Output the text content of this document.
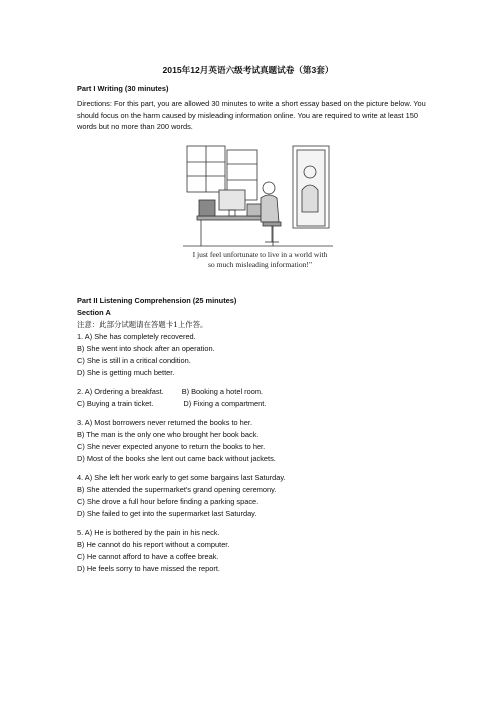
2015年12月英语六级考试真题试卷（第3套）
Part I Writing (30 minutes)
Directions: For this part, you are allowed 30 minutes to write a short essay based on the picture below. You should focus on the harm caused by misleading information online. You are required to write at least 150 words but no more than 200 words.
I just feel unfortunate to live in a world with
so much misleading information!"
Part II Listening Comprehension (25 minutes)
Section A
注意：此部分试题请在答题卡1上作答。
1. A) She has completely recovered.
B) She went into shock after an operation.
C) She is still in a critical condition.
D) She is getting much better.
2. A) Ordering a breakfast. B) Booking a hotel room.
C) Buying a train ticket.	D) Fixing a compartment.
3. A) Most borrowers never returned the books to her.
B) The man is the only one who brought her book back.
C) She never expected anyone to return the books to her.
D) Most of the books she lent out came back without jackets.
4. A) She left her work early to get some bargains last Saturday.
B) She attended the supermarket's grand opening ceremony.
C) She drove a full hour before finding a parking space.
D) She failed to get into the supermarket last Saturday.
5. A) He is bothered by the pain in his neck.
B) He cannot do his report without a computer.
C) He cannot afford to have a coffee break.
D) He feels sorry to have missed the report.
